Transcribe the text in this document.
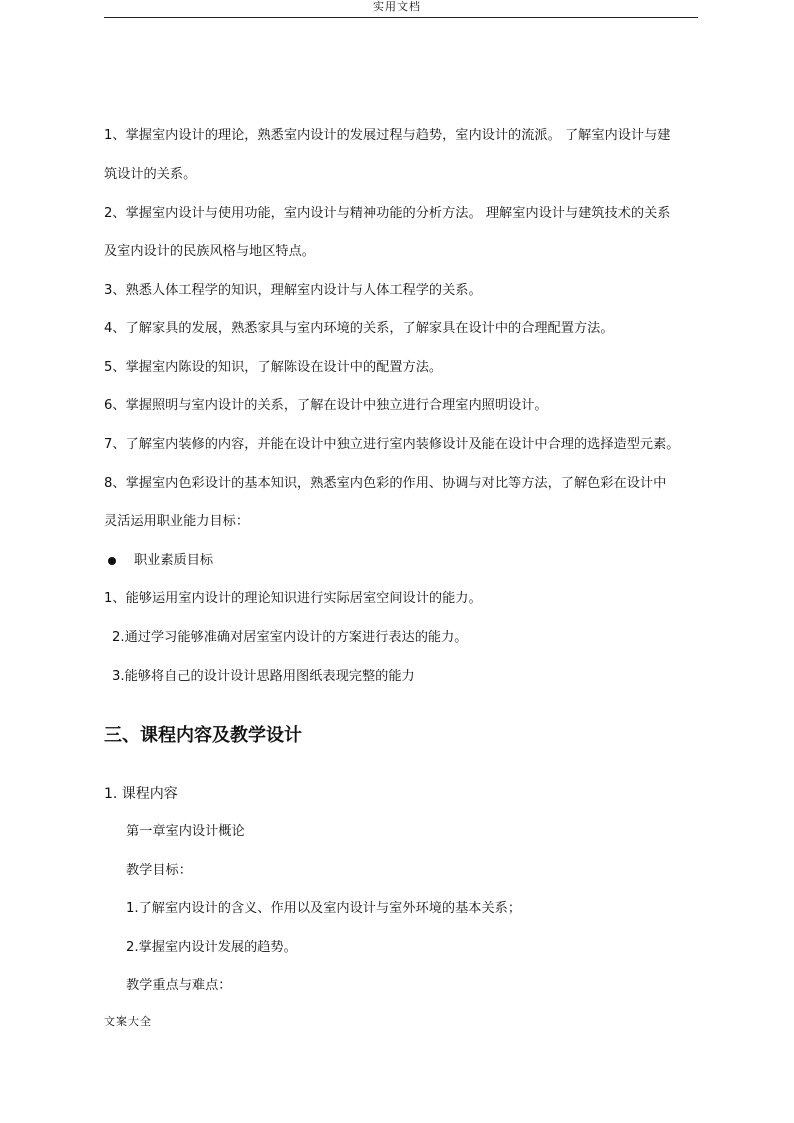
实用文档
1、掌握室内设计的理论，熟悉室内设计的发展过程与趋势，室内设计的流派。 了解室内设计与建
筑设计的关系。
2、掌握室内设计与使用功能，室内设计与精神功能的分析方法。 理解室内设计与建筑技术的关系
及室内设计的民族风格与地区特点。
3、熟悉人体工程学的知识，理解室内设计与人体工程学的关系。
4、了解家具的发展，熟悉家具与室内环境的关系，了解家具在设计中的合理配置方法。
5、掌握室内陈设的知识，了解陈设在设计中的配置方法。
6、掌握照明与室内设计的关系，了解在设计中独立进行合理室内照明设计。
7、了解室内装修的内容，并能在设计中独立进行室内装修设计及能在设计中合理的选择造型元素。
8、掌握室内色彩设计的基本知识，熟悉室内色彩的作用、协调与对比等方法，了解色彩在设计中
灵活运用职业能力目标：
职业素质目标
1、能够运用室内设计的理论知识进行实际居室空间设计的能力。
2.通过学习能够准确对居室室内设计的方案进行表达的能力。
3.能够将自己的设计设计思路用图纸表现完整的能力
三、课程内容及教学设计
1. 课程内容
第一章室内设计概论
教学目标：
1.了解室内设计的含义、作用以及室内设计与室外环境的基本关系；
2.掌握室内设计发展的趋势。
教学重点与难点：
文案大全
